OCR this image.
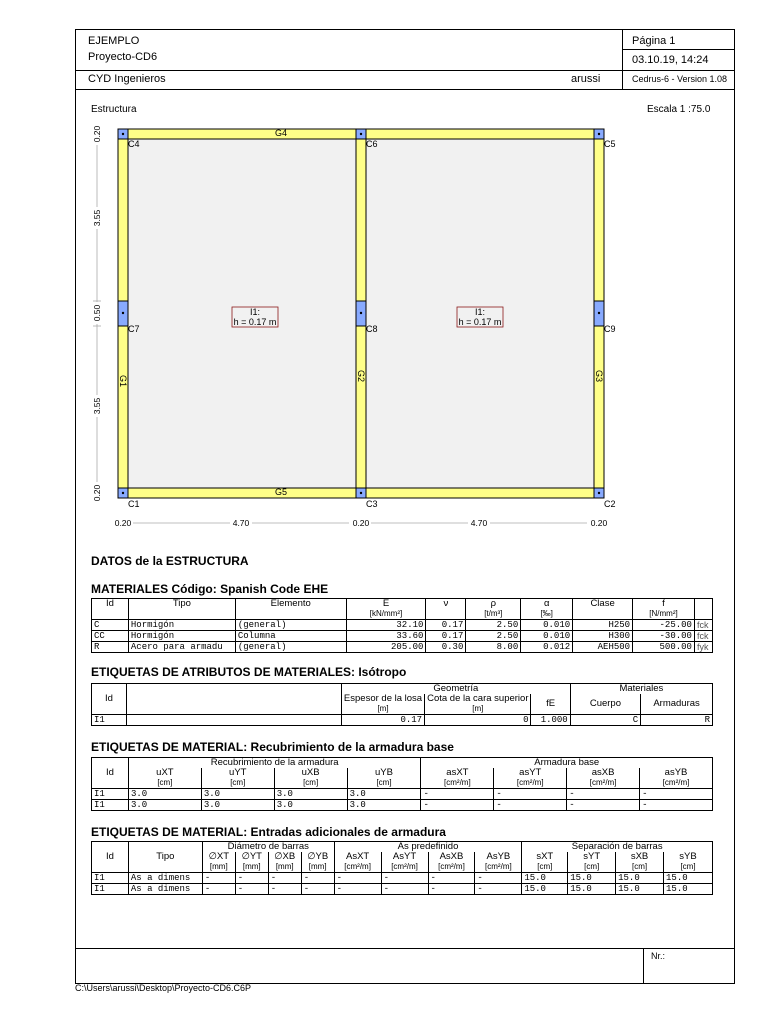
EJEMPLO
Proyecto-CD6
Página 1
03.10.19, 14:24
CYD Ingenieros	arussi	Cedrus-6 - Version 1.08
Estructura	Escala 1 :75.0
C4	C6	C5
C7	C8	C9
C1	C3	C2
G4
G5
G1	G2	G3
I1:
h = 0.17 m
I1:
h = 0.17 m
0.20	4.70	0.20	4.70	0.20
0.20
3.55
0.50
3.55
0.20
DATOS de la ESTRUCTURA
MATERIALES Código: Spanish Code EHE
Id	Tipo	Elemento	E	ν	ρ	α	Clase	f	
			[kN/mm²]		[t/m³]	[‰]		[N/mm²]	
C	Hormigón	(general)	32.10	0.17	2.50	0.010	H250	-25.00	fck
CC	Hormigón	Columna	33.60	0.17	2.50	0.010	H300	-30.00	fck
R	Acero para armadu	(general)	205.00	0.30	8.00	0.012	AEH500	500.00	fyk
ETIQUETAS DE ATRIBUTOS DE MATERIALES: Isótropo
Id		Geometría			Materiales	
		Espesor de la losa	Cota de la cara superior	fE	Cuerpo	Armaduras
		[m]	[m]			
I1		0.17	0	1.000	C	R
ETIQUETAS DE MATERIAL: Recubrimiento de la armadura base
Id	Recubrimiento de la armadura				Armadura base			
	uXT	uYT	uXB	uYB	asXT	asYT	asXB	asYB
	[cm]	[cm]	[cm]	[cm]	[cm²/m]	[cm²/m]	[cm²/m]	[cm²/m]
I1	3.0	3.0	3.0	3.0	-	-	-	-
I1	3.0	3.0	3.0	3.0	-	-	-	-
ETIQUETAS DE MATERIAL: Entradas adicionales de armadura
Id	Tipo	Diámetro de barras				As predefinido				Separación de barras			
		∅XT	∅YT	∅XB	∅YB	AsXT	AsYT	AsXB	AsYB	sXT	sYT	sXB	sYB
		[mm]	[mm]	[mm]	[mm]	[cm²/m]	[cm²/m]	[cm²/m]	[cm²/m]	[cm]	[cm]	[cm]	[cm]
I1	As a dimens	-	-	-	-	-	-	-	-	15.0	15.0	15.0	15.0
I1	As a dimens	-	-	-	-	-	-	-	-	15.0	15.0	15.0	15.0
Nr.:
C:\Users\arussi\Desktop\Proyecto-CD6.C6P
